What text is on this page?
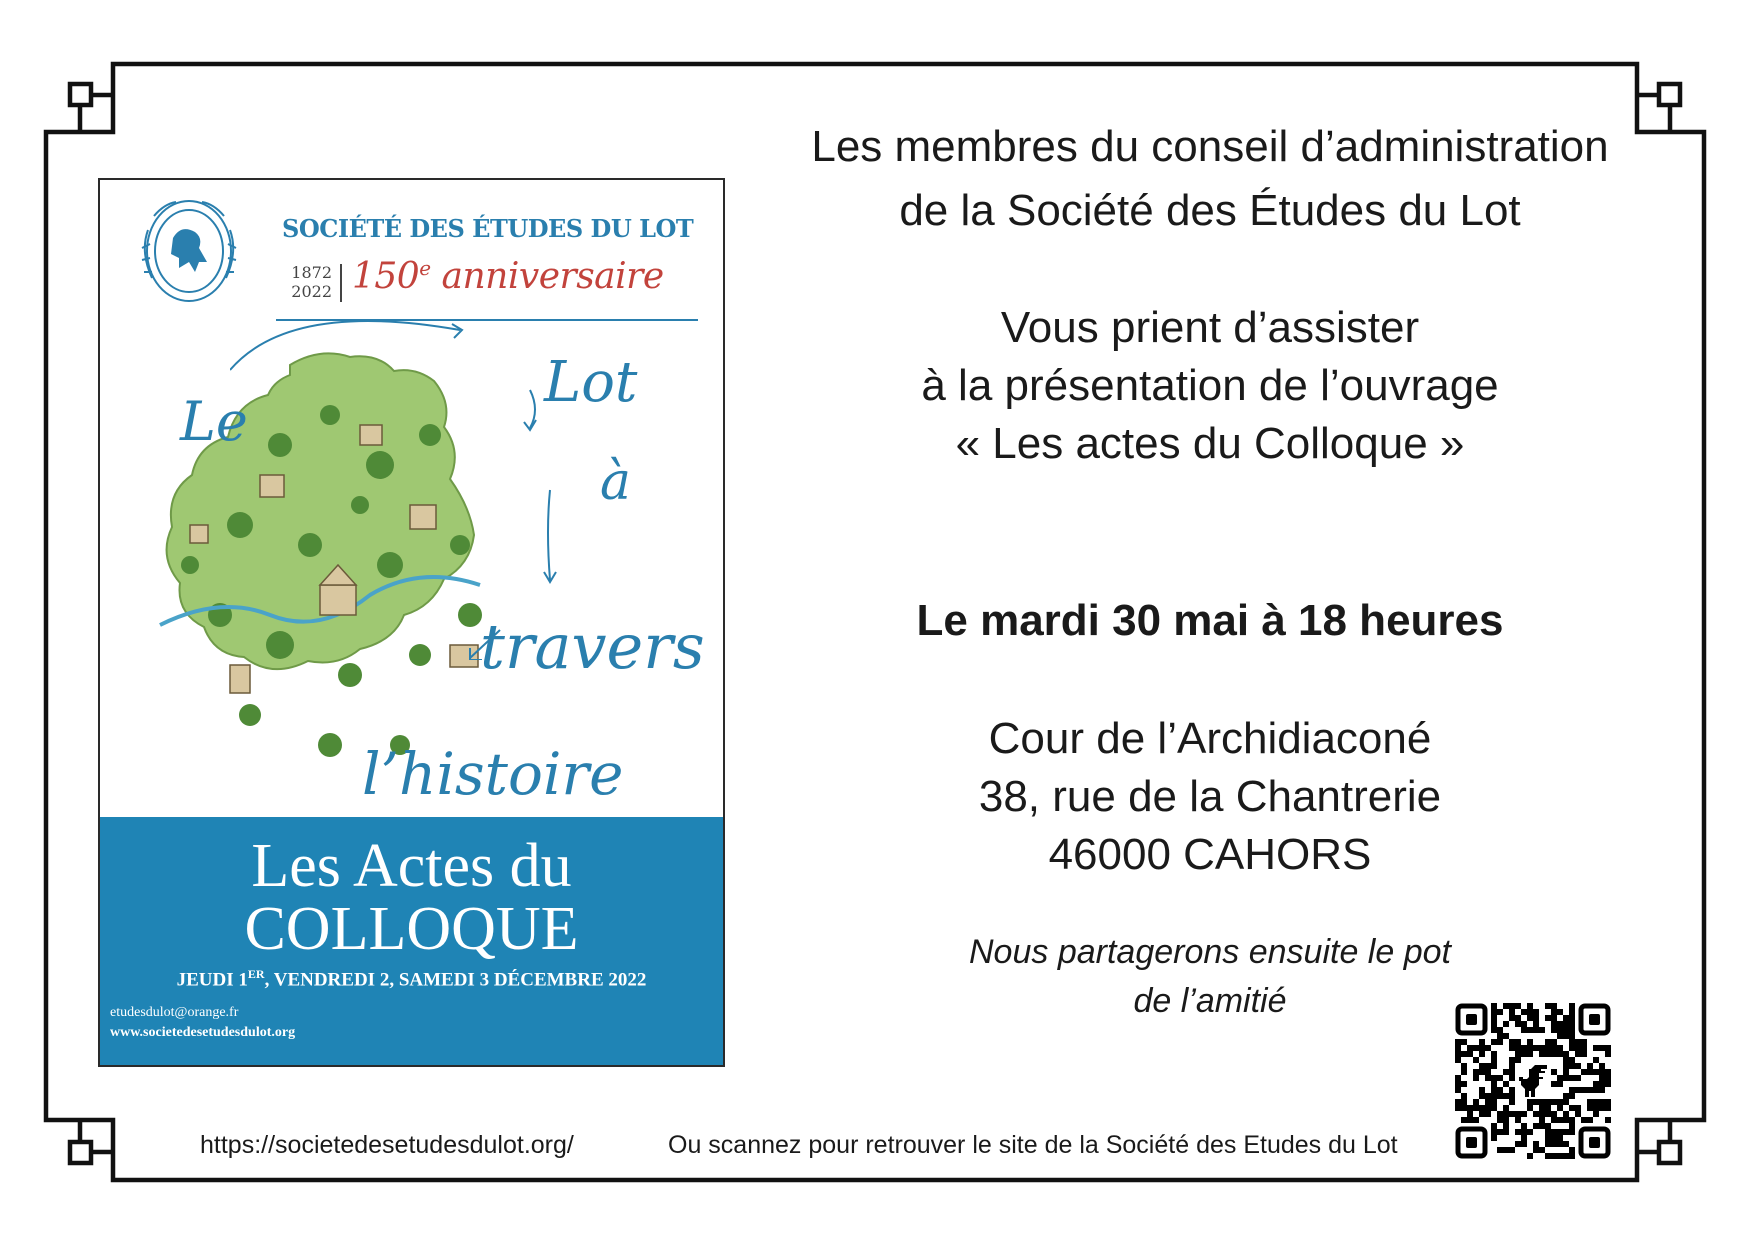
SOCIÉTÉ DES ÉTUDES DU LOT
1872
2022 150e anniversaire
Le
Lot
à
travers
l’histoire
Les Actes du
COLLOQUE
JEUDI 1ER, VENDREDI 2, SAMEDI 3 DÉCEMBRE 2022
etudesdulot@orange.fr
www.societedesetudesdulot.org
Les membres du conseil d’administration
de la Société des Études du Lot
Vous prient d’assister
à la présentation de l’ouvrage
« Les actes du Colloque »
Le mardi 30 mai à 18 heures
Cour de l’Archidiaconé
38, rue de la Chantrerie
46000 CAHORS
Nous partagerons ensuite le pot
de l’amitié
https://societedesetudesdulot.org/	Ou scannez pour retrouver le site de la Société des Etudes du Lot
